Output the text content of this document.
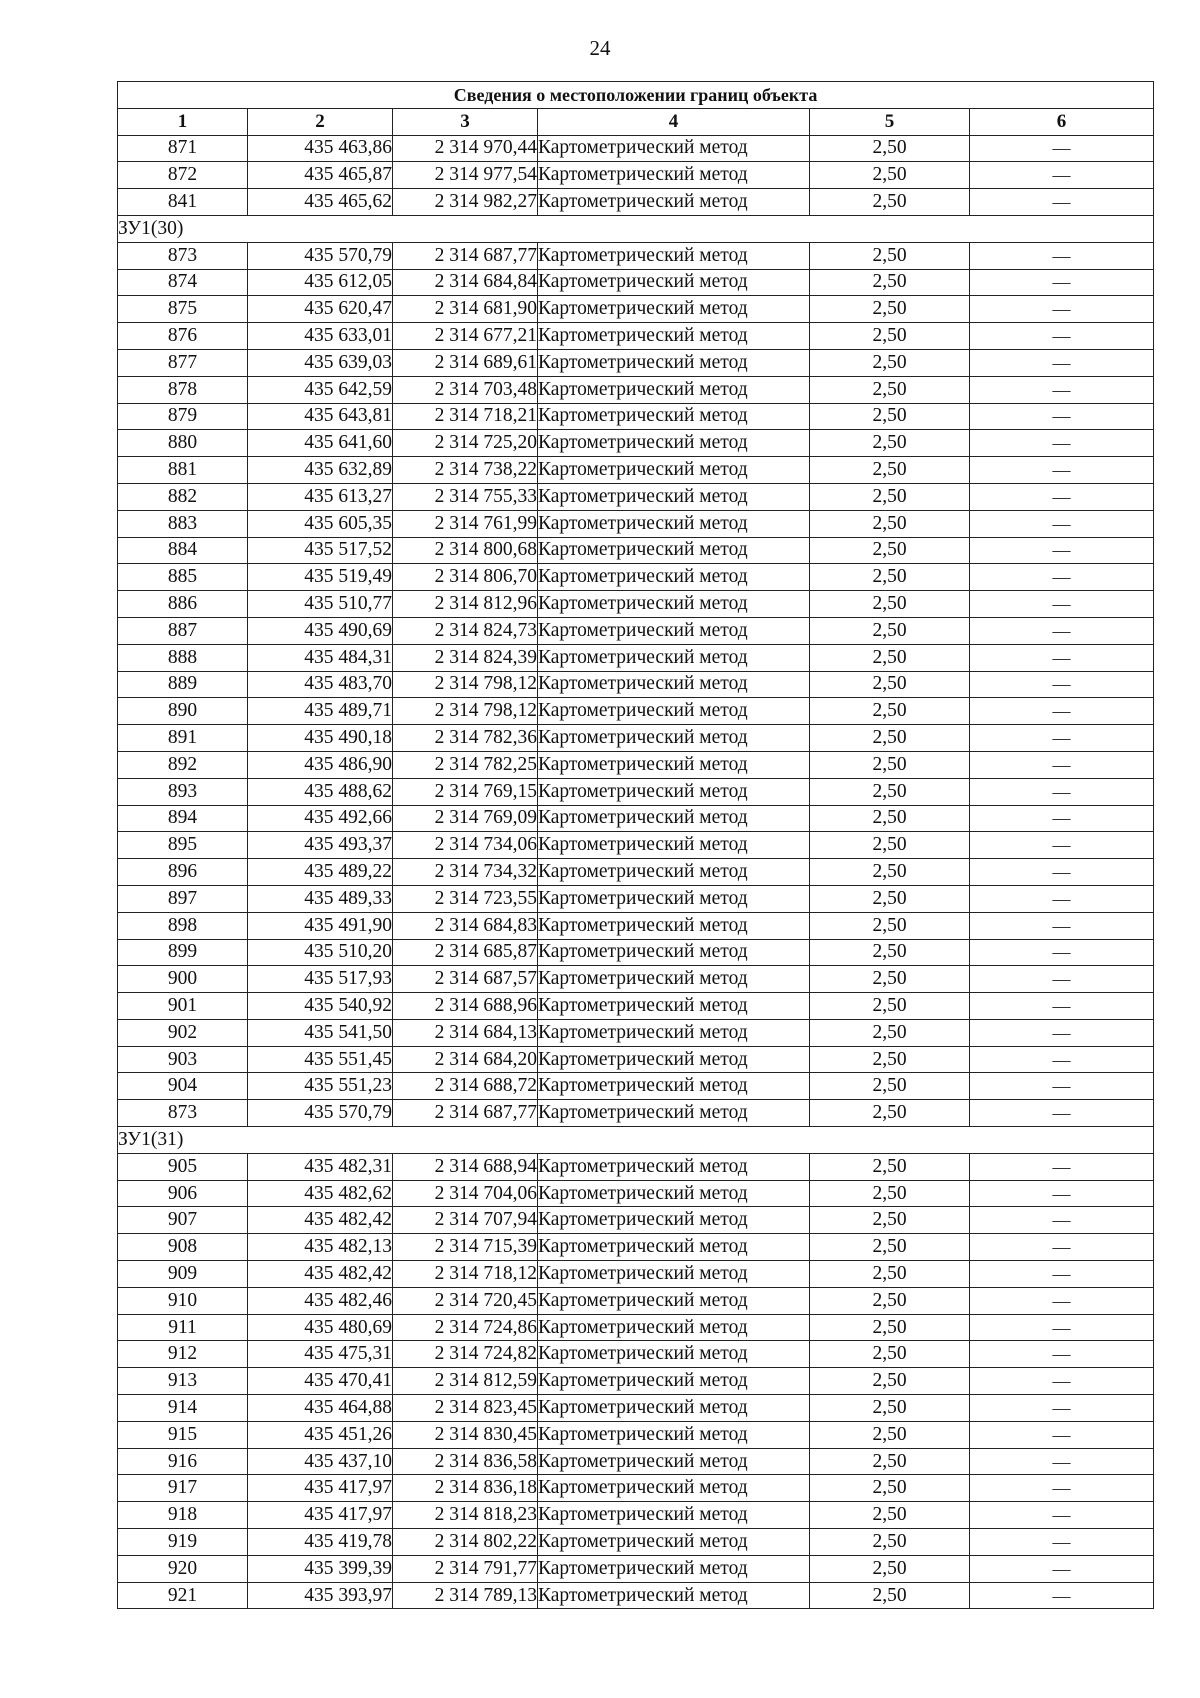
24
Сведения о местоположении границ объекта					
1	2	3	4	5	6
871	435 463,86	2 314 970,44	Картометрический метод	2,50	—
872	435 465,87	2 314 977,54	Картометрический метод	2,50	—
841	435 465,62	2 314 982,27	Картометрический метод	2,50	—
ЗУ1(30)					
873	435 570,79	2 314 687,77	Картометрический метод	2,50	—
874	435 612,05	2 314 684,84	Картометрический метод	2,50	—
875	435 620,47	2 314 681,90	Картометрический метод	2,50	—
876	435 633,01	2 314 677,21	Картометрический метод	2,50	—
877	435 639,03	2 314 689,61	Картометрический метод	2,50	—
878	435 642,59	2 314 703,48	Картометрический метод	2,50	—
879	435 643,81	2 314 718,21	Картометрический метод	2,50	—
880	435 641,60	2 314 725,20	Картометрический метод	2,50	—
881	435 632,89	2 314 738,22	Картометрический метод	2,50	—
882	435 613,27	2 314 755,33	Картометрический метод	2,50	—
883	435 605,35	2 314 761,99	Картометрический метод	2,50	—
884	435 517,52	2 314 800,68	Картометрический метод	2,50	—
885	435 519,49	2 314 806,70	Картометрический метод	2,50	—
886	435 510,77	2 314 812,96	Картометрический метод	2,50	—
887	435 490,69	2 314 824,73	Картометрический метод	2,50	—
888	435 484,31	2 314 824,39	Картометрический метод	2,50	—
889	435 483,70	2 314 798,12	Картометрический метод	2,50	—
890	435 489,71	2 314 798,12	Картометрический метод	2,50	—
891	435 490,18	2 314 782,36	Картометрический метод	2,50	—
892	435 486,90	2 314 782,25	Картометрический метод	2,50	—
893	435 488,62	2 314 769,15	Картометрический метод	2,50	—
894	435 492,66	2 314 769,09	Картометрический метод	2,50	—
895	435 493,37	2 314 734,06	Картометрический метод	2,50	—
896	435 489,22	2 314 734,32	Картометрический метод	2,50	—
897	435 489,33	2 314 723,55	Картометрический метод	2,50	—
898	435 491,90	2 314 684,83	Картометрический метод	2,50	—
899	435 510,20	2 314 685,87	Картометрический метод	2,50	—
900	435 517,93	2 314 687,57	Картометрический метод	2,50	—
901	435 540,92	2 314 688,96	Картометрический метод	2,50	—
902	435 541,50	2 314 684,13	Картометрический метод	2,50	—
903	435 551,45	2 314 684,20	Картометрический метод	2,50	—
904	435 551,23	2 314 688,72	Картометрический метод	2,50	—
873	435 570,79	2 314 687,77	Картометрический метод	2,50	—
ЗУ1(31)					
905	435 482,31	2 314 688,94	Картометрический метод	2,50	—
906	435 482,62	2 314 704,06	Картометрический метод	2,50	—
907	435 482,42	2 314 707,94	Картометрический метод	2,50	—
908	435 482,13	2 314 715,39	Картометрический метод	2,50	—
909	435 482,42	2 314 718,12	Картометрический метод	2,50	—
910	435 482,46	2 314 720,45	Картометрический метод	2,50	—
911	435 480,69	2 314 724,86	Картометрический метод	2,50	—
912	435 475,31	2 314 724,82	Картометрический метод	2,50	—
913	435 470,41	2 314 812,59	Картометрический метод	2,50	—
914	435 464,88	2 314 823,45	Картометрический метод	2,50	—
915	435 451,26	2 314 830,45	Картометрический метод	2,50	—
916	435 437,10	2 314 836,58	Картометрический метод	2,50	—
917	435 417,97	2 314 836,18	Картометрический метод	2,50	—
918	435 417,97	2 314 818,23	Картометрический метод	2,50	—
919	435 419,78	2 314 802,22	Картометрический метод	2,50	—
920	435 399,39	2 314 791,77	Картометрический метод	2,50	—
921	435 393,97	2 314 789,13	Картометрический метод	2,50	—
